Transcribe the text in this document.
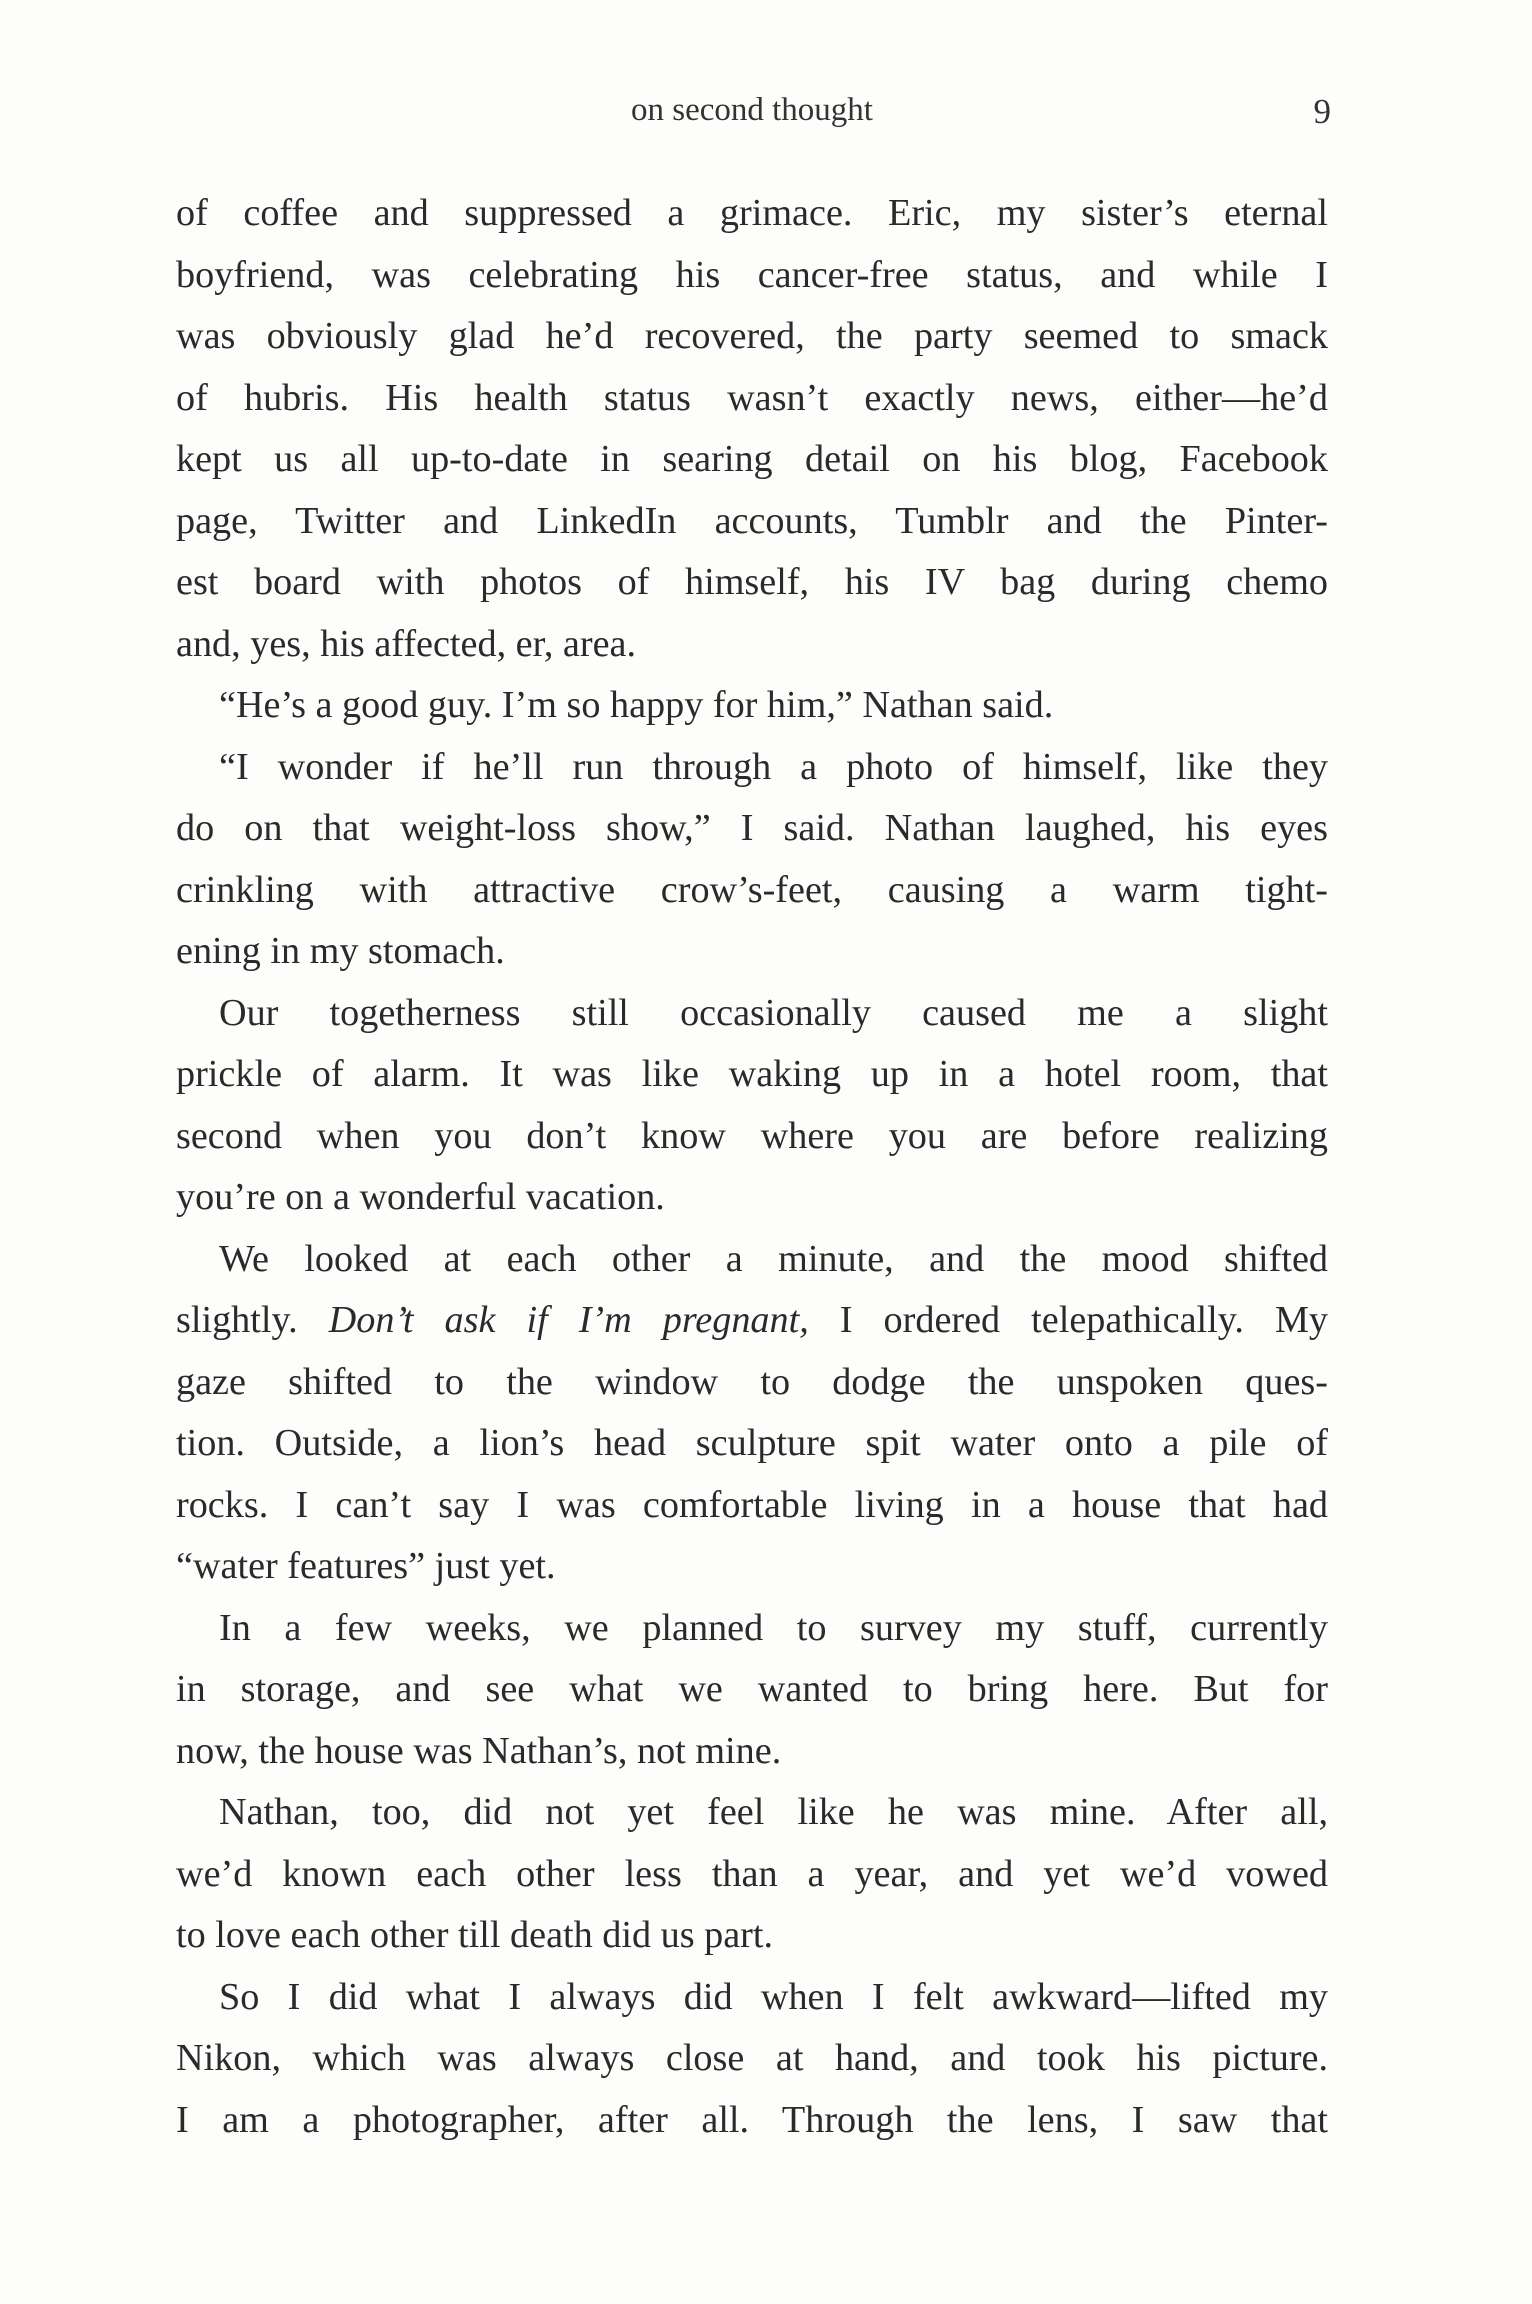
on second thought	9
of coffee and suppressed a grimace. Eric, my sister’s eternal
boyfriend, was celebrating his cancer-free status, and while I
was obviously glad he’d recovered, the party seemed to smack
of hubris. His health status wasn’t exactly news, either—he’d
kept us all up-to-date in searing detail on his blog, Facebook
page, Twitter and LinkedIn accounts, Tumblr and the Pinter-
est board with photos of himself, his IV bag during chemo
and, yes, his affected, er, area.
“He’s a good guy. I’m so happy for him,” Nathan said.
“I wonder if he’ll run through a photo of himself, like they
do on that weight-loss show,” I said. Nathan laughed, his eyes
crinkling with attractive crow’s-feet, causing a warm tight-
ening in my stomach.
Our togetherness still occasionally caused me a slight
prickle of alarm. It was like waking up in a hotel room, that
second when you don’t know where you are before realizing
you’re on a wonderful vacation.
We looked at each other a minute, and the mood shifted
slightly. Don’t ask if I’m pregnant, I ordered telepathically. My
gaze shifted to the window to dodge the unspoken ques-
tion. Outside, a lion’s head sculpture spit water onto a pile of
rocks. I can’t say I was comfortable living in a house that had
“water features” just yet.
In a few weeks, we planned to survey my stuff, currently
in storage, and see what we wanted to bring here. But for
now, the house was Nathan’s, not mine.
Nathan, too, did not yet feel like he was mine. After all,
we’d known each other less than a year, and yet we’d vowed
to love each other till death did us part.
So I did what I always did when I felt awkward—lifted my
Nikon, which was always close at hand, and took his picture.
I am a photographer, after all. Through the lens, I saw that
